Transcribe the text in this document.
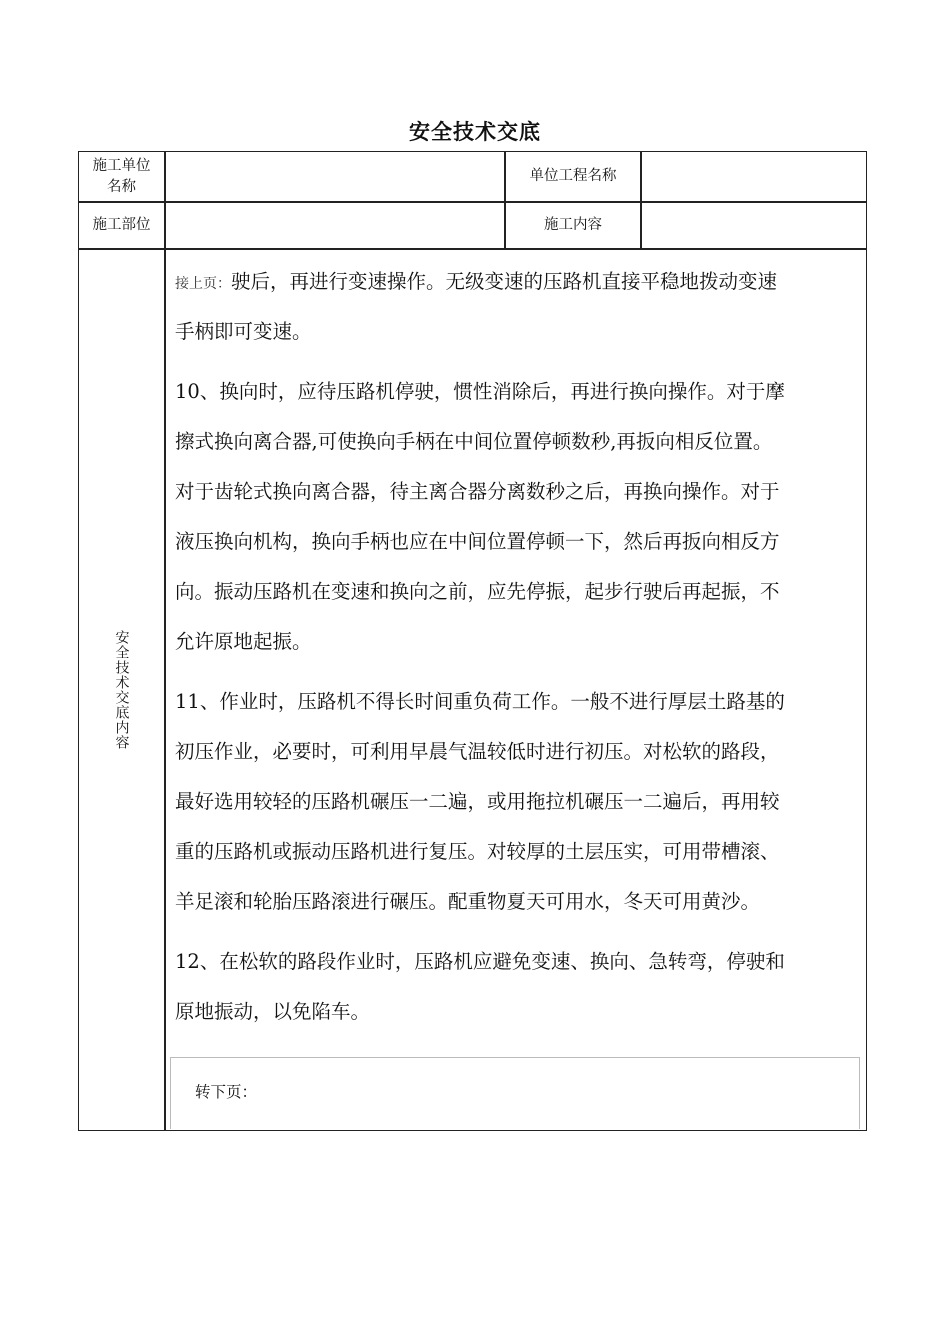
安全技术交底
施工单位
名称
单位工程名称
施工部位	施工内容
安全技术交底内容
接上页：驶后，再进行变速操作。无级变速的压路机直接平稳地拨动变速
手柄即可变速。
10、换向时，应待压路机停驶，惯性消除后，再进行换向操作。对于摩
擦式换向离合器,可使换向手柄在中间位置停顿数秒,再扳向相反位置。
对于齿轮式换向离合器，待主离合器分离数秒之后，再换向操作。对于
液压换向机构，换向手柄也应在中间位置停顿一下，然后再扳向相反方
向。振动压路机在变速和换向之前，应先停振，起步行驶后再起振，不
允许原地起振。
11、作业时，压路机不得长时间重负荷工作。一般不进行厚层土路基的
初压作业，必要时，可利用早晨气温较低时进行初压。对松软的路段，
最好选用较轻的压路机碾压一二遍，或用拖拉机碾压一二遍后，再用较
重的压路机或振动压路机进行复压。对较厚的土层压实，可用带槽滚、
羊足滚和轮胎压路滚进行碾压。配重物夏天可用水，冬天可用黄沙。
12、在松软的路段作业时，压路机应避免变速、换向、急转弯，停驶和
原地振动，以免陷车。
转下页：
